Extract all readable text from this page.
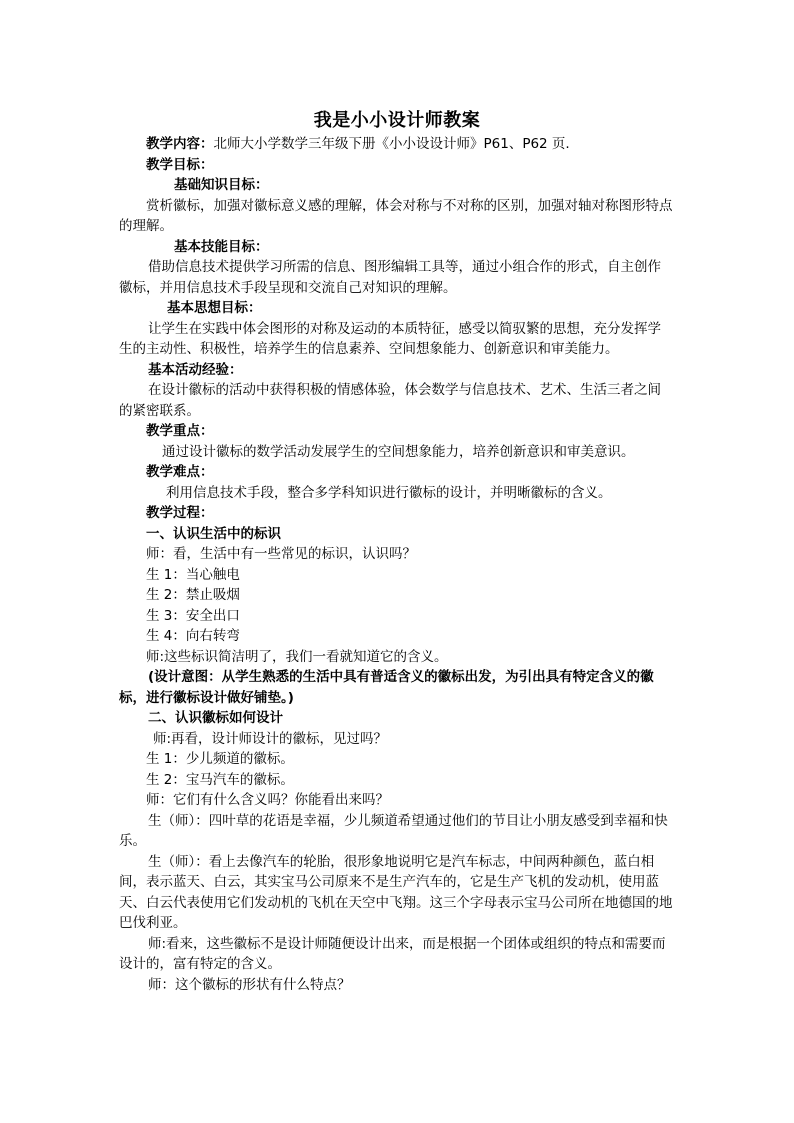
我是小小设计师教案

教学内容：北师大小学数学三年级下册《小小设设计师》P61、P62 页.

教学目标：

基础知识目标：

赏析徽标，加强对徽标意义感的理解，体会对称与不对称的区别，加强对轴对称图形特点的理解。

基本技能目标：

借助信息技术提供学习所需的信息、图形编辑工具等，通过小组合作的形式，自主创作徽标，并用信息技术手段呈现和交流自己对知识的理解。

基本思想目标：

让学生在实践中体会图形的对称及运动的本质特征，感受以简驭繁的思想，充分发挥学生的主动性、积极性，培养学生的信息素养、空间想象能力、创新意识和审美能力。

基本活动经验：

在设计徽标的活动中获得积极的情感体验，体会数学与信息技术、艺术、生活三者之间的紧密联系。

教学重点：

通过设计徽标的数学活动发展学生的空间想象能力，培养创新意识和审美意识。

教学难点：

利用信息技术手段，整合多学科知识进行徽标的设计，并明晰徽标的含义。

教学过程：

一、认识生活中的标识

师：看，生活中有一些常见的标识，认识吗？

生 1：当心触电

生 2：禁止吸烟

生 3：安全出口

生 4：向右转弯

师:这些标识简洁明了，我们一看就知道它的含义。

(设计意图：从学生熟悉的生活中具有普适含义的徽标出发，为引出具有特定含义的徽标，进行徽标设计做好铺垫。)

二、认识徽标如何设计

师:再看，设计师设计的徽标，见过吗？

生 1：少儿频道的徽标。

生 2：宝马汽车的徽标。

师：它们有什么含义吗？你能看出来吗？

生（师）：四叶草的花语是幸福，少儿频道希望通过他们的节目让小朋友感受到幸福和快乐。

生（师）：看上去像汽车的轮胎，很形象地说明它是汽车标志，中间两种颜色，蓝白相间，表示蓝天、白云，其实宝马公司原来不是生产汽车的，它是生产飞机的发动机，使用蓝天、白云代表使用它们发动机的飞机在天空中飞翔。这三个字母表示宝马公司所在地德国的地巴伐利亚。

师:看来，这些徽标不是设计师随便设计出来，而是根据一个团体或组织的特点和需要而设计的，富有特定的含义。

师：这个徽标的形状有什么特点？
